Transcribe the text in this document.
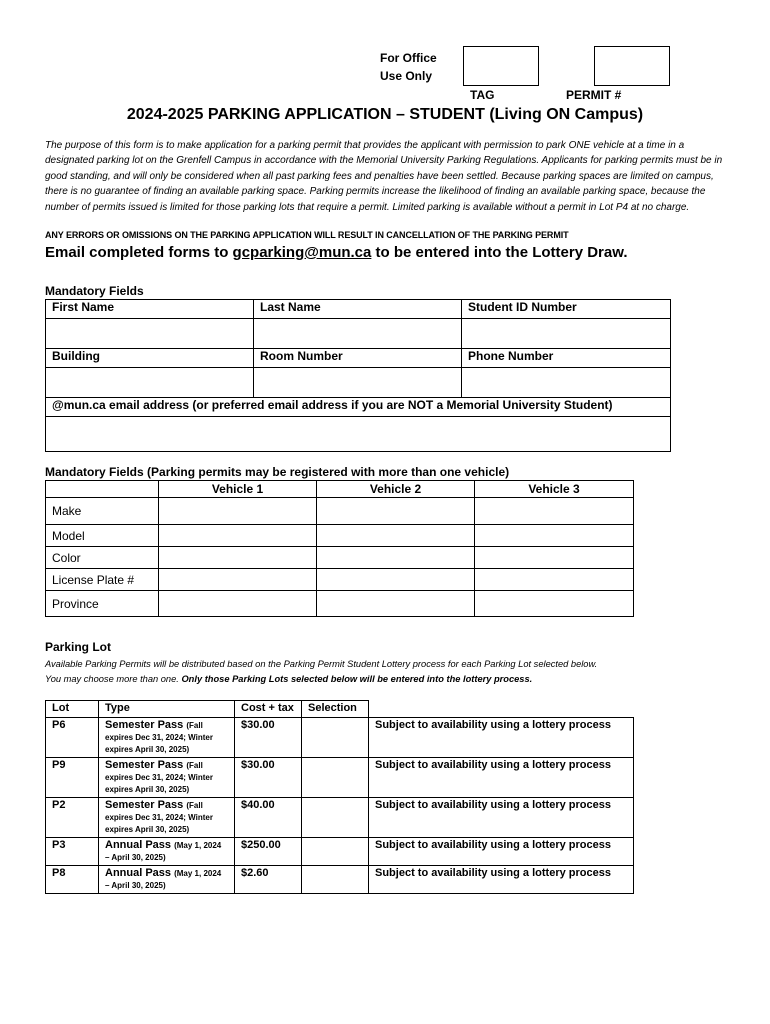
For Office
Use Only
TAG	PERMIT #
2024-2025 PARKING APPLICATION – STUDENT (Living ON Campus)
The purpose of this form is to make application for a parking permit that provides the applicant with permission to park ONE vehicle at a time in a designated parking lot on the Grenfell Campus in accordance with the Memorial University Parking Regulations. Applicants for parking permits must be in good standing, and will only be considered when all past parking fees and penalties have been settled. Because parking spaces are limited on campus, there is no guarantee of finding an available parking space. Parking permits increase the likelihood of finding an available parking space, because the number of permits issued is limited for those parking lots that require a permit. Limited parking is available without a permit in Lot P4 at no charge.
ANY ERRORS OR OMISSIONS ON THE PARKING APPLICATION WILL RESULT IN CANCELLATION OF THE PARKING PERMIT
Email completed forms to gcparking@mun.ca to be entered into the Lottery Draw.
Mandatory Fields
First Name	Last Name	Student ID Number

Building	Room Number	Phone Number

@mun.ca email address (or preferred email address if you are NOT a Memorial University Student)		

Mandatory Fields (Parking permits may be registered with more than one vehicle)
	Vehicle 1	Vehicle 2	Vehicle 3
Make			
Model			
Color			
License Plate #			
Province			
Parking Lot
Available Parking Permits will be distributed based on the Parking Permit Student Lottery process for each Parking Lot selected below.
You may choose more than one. Only those Parking Lots selected below will be entered into the lottery process.
Lot	Type	Cost + tax	Selection	
P6	Semester Pass (Fall
expires Dec 31, 2024; Winter expires April 30, 2025)	$30.00		Subject to availability using a lottery process
P9	Semester Pass (Fall
expires Dec 31, 2024; Winter expires April 30, 2025)	$30.00		Subject to availability using a lottery process
P2	Semester Pass (Fall
expires Dec 31, 2024; Winter expires April 30, 2025)	$40.00		Subject to availability using a lottery process
P3	Annual Pass (May 1, 2024
– April 30, 2025)	$250.00		Subject to availability using a lottery process
P8	Annual Pass (May 1, 2024
– April 30, 2025)	$2.60		Subject to availability using a lottery process
